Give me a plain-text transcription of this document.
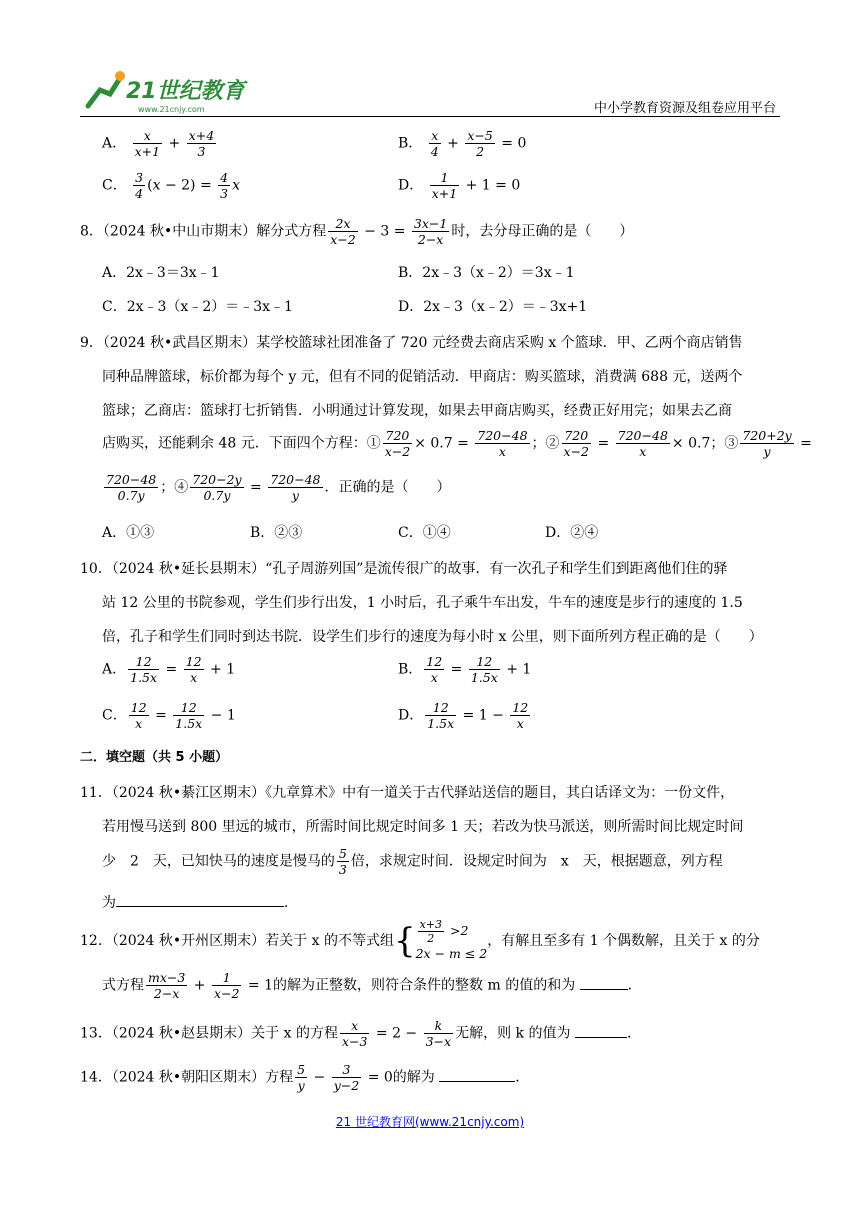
21世纪教育
www.21cnjy.com	中小学教育资源及组卷应用平台
A． $\frac{x}{x+1} + \frac{x+4}{3}$	B． $\frac{x}{4} + \frac{x-5}{2} = 0$
C． $\frac{3}{4} (x - 2) = \frac{4}{3}$ x	D． $\frac{1}{x+1} + 1 = 0$
8．（2024 秋•中山市期末）解分式方程 $\frac{2x}{x-2} - 3 = \frac{3x-1}{2-x}$ 时，去分母正确的是（　　）
A．2x﹣3＝3x﹣1	B．2x﹣3（x﹣2）＝3x﹣1
C．2x﹣3（x﹣2）＝﹣3x﹣1	D．2x﹣3（x﹣2）＝﹣3x+1
9．（2024 秋•武昌区期末）某学校篮球社团准备了 720 元经费去商店采购 x 个篮球．甲、乙两个商店销售
同种品牌篮球，标价都为每个 y 元，但有不同的促销活动．甲商店：购买篮球，消费满 688 元，送两个
篮球；乙商店：篮球打七折销售．小明通过计算发现，如果去甲商店购买，经费正好用完；如果去乙商
店购买，还能剩余 48 元．下面四个方程：① $\frac{720}{x-2} \times 0.7 = \frac{720-48}{x}$ ；② $\frac{720}{x-2} = \frac{720-48}{x} \times 0.7$；③ $\frac{720+2y}{y}$ =
$\frac{720-48}{0.7y}$ ；④ $\frac{720-2y}{0.7y} = \frac{720-48}{y}$ ．正确的是（　　）
A．①③	B．②③	C．①④	D．②④
10．（2024 秋•延长县期末）“孔子周游列国”是流传很广的故事．有一次孔子和学生们到距离他们住的驿
站 12 公里的书院参观，学生们步行出发，1 小时后，孔子乘牛车出发，牛车的速度是步行的速度的 1.5
倍，孔子和学生们同时到达书院．设学生们步行的速度为每小时 x 公里，则下面所列方程正确的是（　　）
A． $\frac{12}{1.5x} = \frac{12}{x} + 1$	B． $\frac{12}{x} = \frac{12}{1.5x} + 1$
C． $\frac{12}{x} = \frac{12}{1.5x} - 1$	D． $\frac{12}{1.5x} = 1 - \frac{12}{x}$
二．填空题（共 5 小题）
11．（2024 秋•綦江区期末）《九章算术》中有一道关于古代驿站送信的题目，其白话译文为：一份文件，
若用慢马送到 800 里远的城市，所需时间比规定时间多 1 天；若改为快马派送，则所需时间比规定时间
少　2　天，已知快马的速度是慢马的 $\frac{5}{3}$ 倍，求规定时间．设规定时间为　x　天，根据题意，列方程
为	．
12．（2024 秋•开州区期末）若关于 x 的不等式组{ $\frac{x+3}{2} >2$
2x − m ≤ 2，有解且至多有 1 个偶数解，且关于 x 的分
式方程 $\frac{mx-3}{2-x} + \frac{1}{x-2} = 1$的解为正整数，则符合条件的整数 m 的值的和为	．
13．（2024 秋•赵县期末）关于 x 的方程 $\frac{x}{x-3} = 2 - \frac{k}{3-x}$ 无解，则 k 的值为	．
14．（2024 秋•朝阳区期末）方程 $\frac{5}{y} - \frac{3}{y-2} = 0$的解为	．
21 世纪教育网(www.21cnjy.com)
